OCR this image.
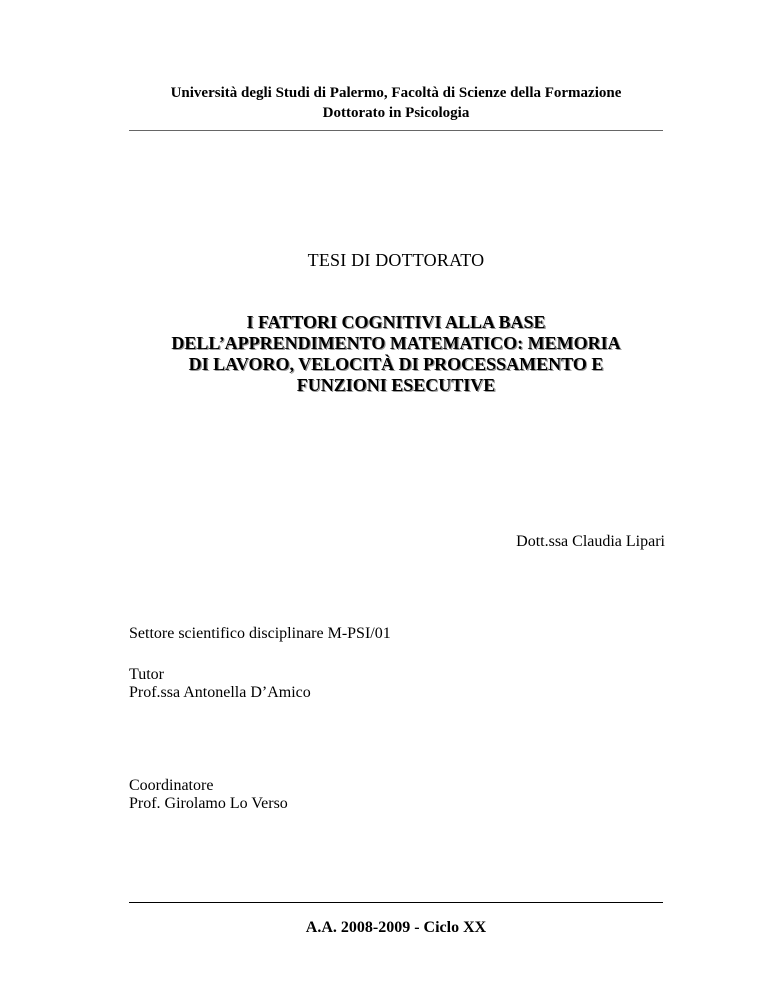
Università degli Studi di Palermo, Facoltà di Scienze della Formazione
Dottorato in Psicologia
TESI DI DOTTORATO
I FATTORI COGNITIVI ALLA BASE
DELL’APPRENDIMENTO MATEMATICO: MEMORIA
DI LAVORO, VELOCITÀ DI PROCESSAMENTO E
FUNZIONI ESECUTIVE
Dott.ssa Claudia Lipari
Settore scientifico disciplinare M-PSI/01
Tutor
Prof.ssa Antonella D’Amico
Coordinatore
Prof. Girolamo Lo Verso
A.A. 2008-2009 - Ciclo XX
